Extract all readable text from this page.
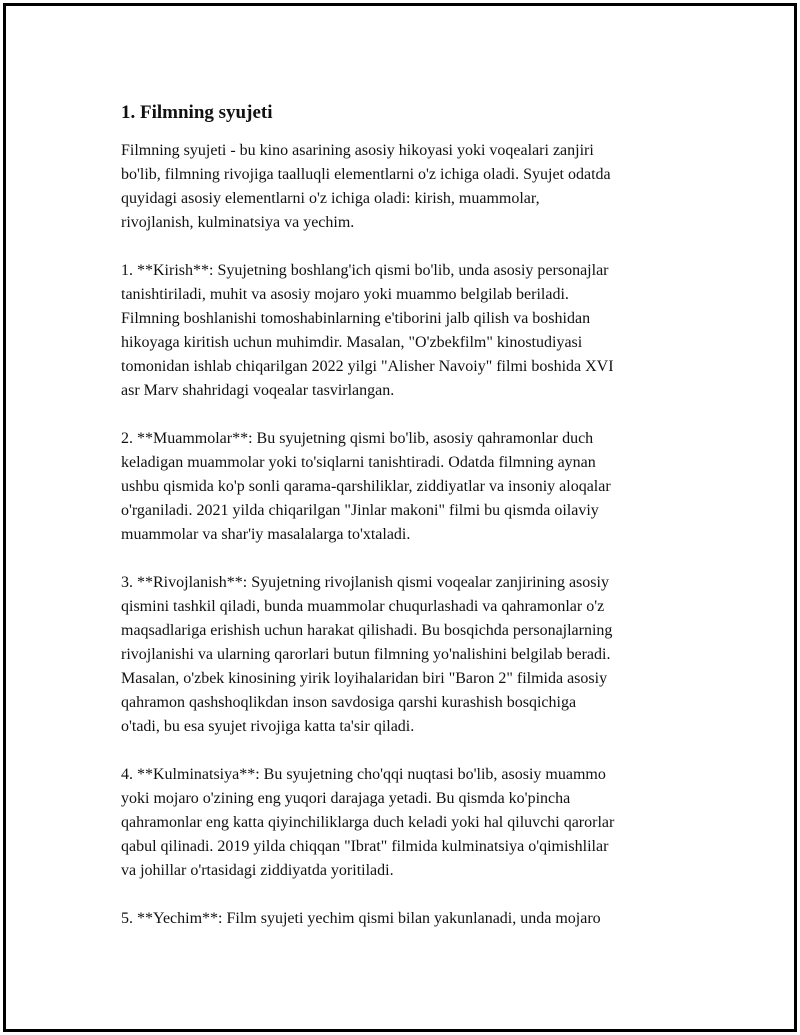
1. Filmning syujeti
Filmning syujeti - bu kino asarining asosiy hikoyasi yoki voqealari zanjiri
bo'lib, filmning rivojiga taalluqli elementlarni o'z ichiga oladi. Syujet odatda
quyidagi asosiy elementlarni o'z ichiga oladi: kirish, muammolar,
rivojlanish, kulminatsiya va yechim.
1. **Kirish**: Syujetning boshlang'ich qismi bo'lib, unda asosiy personajlar
tanishtiriladi, muhit va asosiy mojaro yoki muammo belgilab beriladi.
Filmning boshlanishi tomoshabinlarning e'tiborini jalb qilish va boshidan
hikoyaga kiritish uchun muhimdir. Masalan, "O'zbekfilm" kinostudiyasi
tomonidan ishlab chiqarilgan 2022 yilgi "Alisher Navoiy" filmi boshida XVI
asr Marv shahridagi voqealar tasvirlangan.
2. **Muammolar**: Bu syujetning qismi bo'lib, asosiy qahramonlar duch
keladigan muammolar yoki to'siqlarni tanishtiradi. Odatda filmning aynan
ushbu qismida ko'p sonli qarama-qarshiliklar, ziddiyatlar va insoniy aloqalar
o'rganiladi. 2021 yilda chiqarilgan "Jinlar makoni" filmi bu qismda oilaviy
muammolar va shar'iy masalalarga to'xtaladi.
3. **Rivojlanish**: Syujetning rivojlanish qismi voqealar zanjirining asosiy
qismini tashkil qiladi, bunda muammolar chuqurlashadi va qahramonlar o'z
maqsadlariga erishish uchun harakat qilishadi. Bu bosqichda personajlarning
rivojlanishi va ularning qarorlari butun filmning yo'nalishini belgilab beradi.
Masalan, o'zbek kinosining yirik loyihalaridan biri "Baron 2" filmida asosiy
qahramon qashshoqlikdan inson savdosiga qarshi kurashish bosqichiga
o'tadi, bu esa syujet rivojiga katta ta'sir qiladi.
4. **Kulminatsiya**: Bu syujetning cho'qqi nuqtasi bo'lib, asosiy muammo
yoki mojaro o'zining eng yuqori darajaga yetadi. Bu qismda ko'pincha
qahramonlar eng katta qiyinchiliklarga duch keladi yoki hal qiluvchi qarorlar
qabul qilinadi. 2019 yilda chiqqan "Ibrat" filmida kulminatsiya o'qimishlilar
va johillar o'rtasidagi ziddiyatda yoritiladi.
5. **Yechim**: Film syujeti yechim qismi bilan yakunlanadi, unda mojaro
